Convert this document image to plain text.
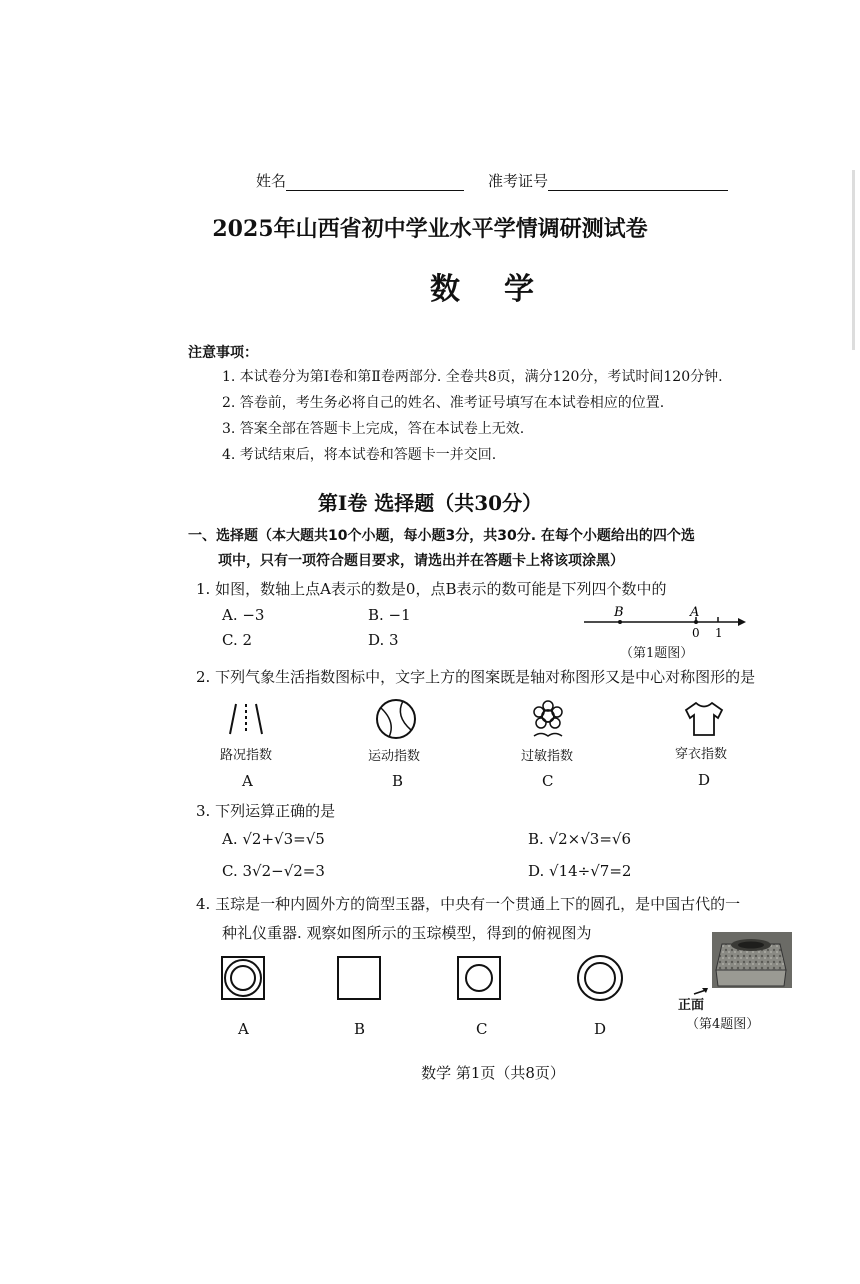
姓名	准考证号
2025年山西省初中学业水平学情调研测试卷
数学
注意事项：
1. 本试卷分为第Ⅰ卷和第Ⅱ卷两部分. 全卷共8页，满分120分，考试时间120分钟.
2. 答卷前，考生务必将自己的姓名、准考证号填写在本试卷相应的位置.
3. 答案全部在答题卡上完成，答在本试卷上无效.
4. 考试结束后，将本试卷和答题卡一并交回.
第Ⅰ卷 选择题（共30分）
一、选择题（本大题共10个小题，每小题3分，共30分. 在每个小题给出的四个选
项中，只有一项符合题目要求，请选出并在答题卡上将该项涂黑）
1. 如图，数轴上点A表示的数是0，点B表示的数可能是下列四个数中的
A. −3	B. −1
C. 2	D. 3
B	A
0 1
（第1题图）
2. 下列气象生活指数图标中，文字上方的图案既是轴对称图形又是中心对称图形的是
路况指数	运动指数	过敏指数	穿衣指数
A	B	C	D
3. 下列运算正确的是
A. √2+√3=√5	B. √2×√3=√6
C. 3√2−√2=3	D. √14÷√7=2
4. 玉琮是一种内圆外方的筒型玉器，中央有一个贯通上下的圆孔，是中国古代的一
种礼仪重器. 观察如图所示的玉琮模型，得到的俯视图为
正面
（第4题图）
A	B	C	D
数学 第1页（共8页）
